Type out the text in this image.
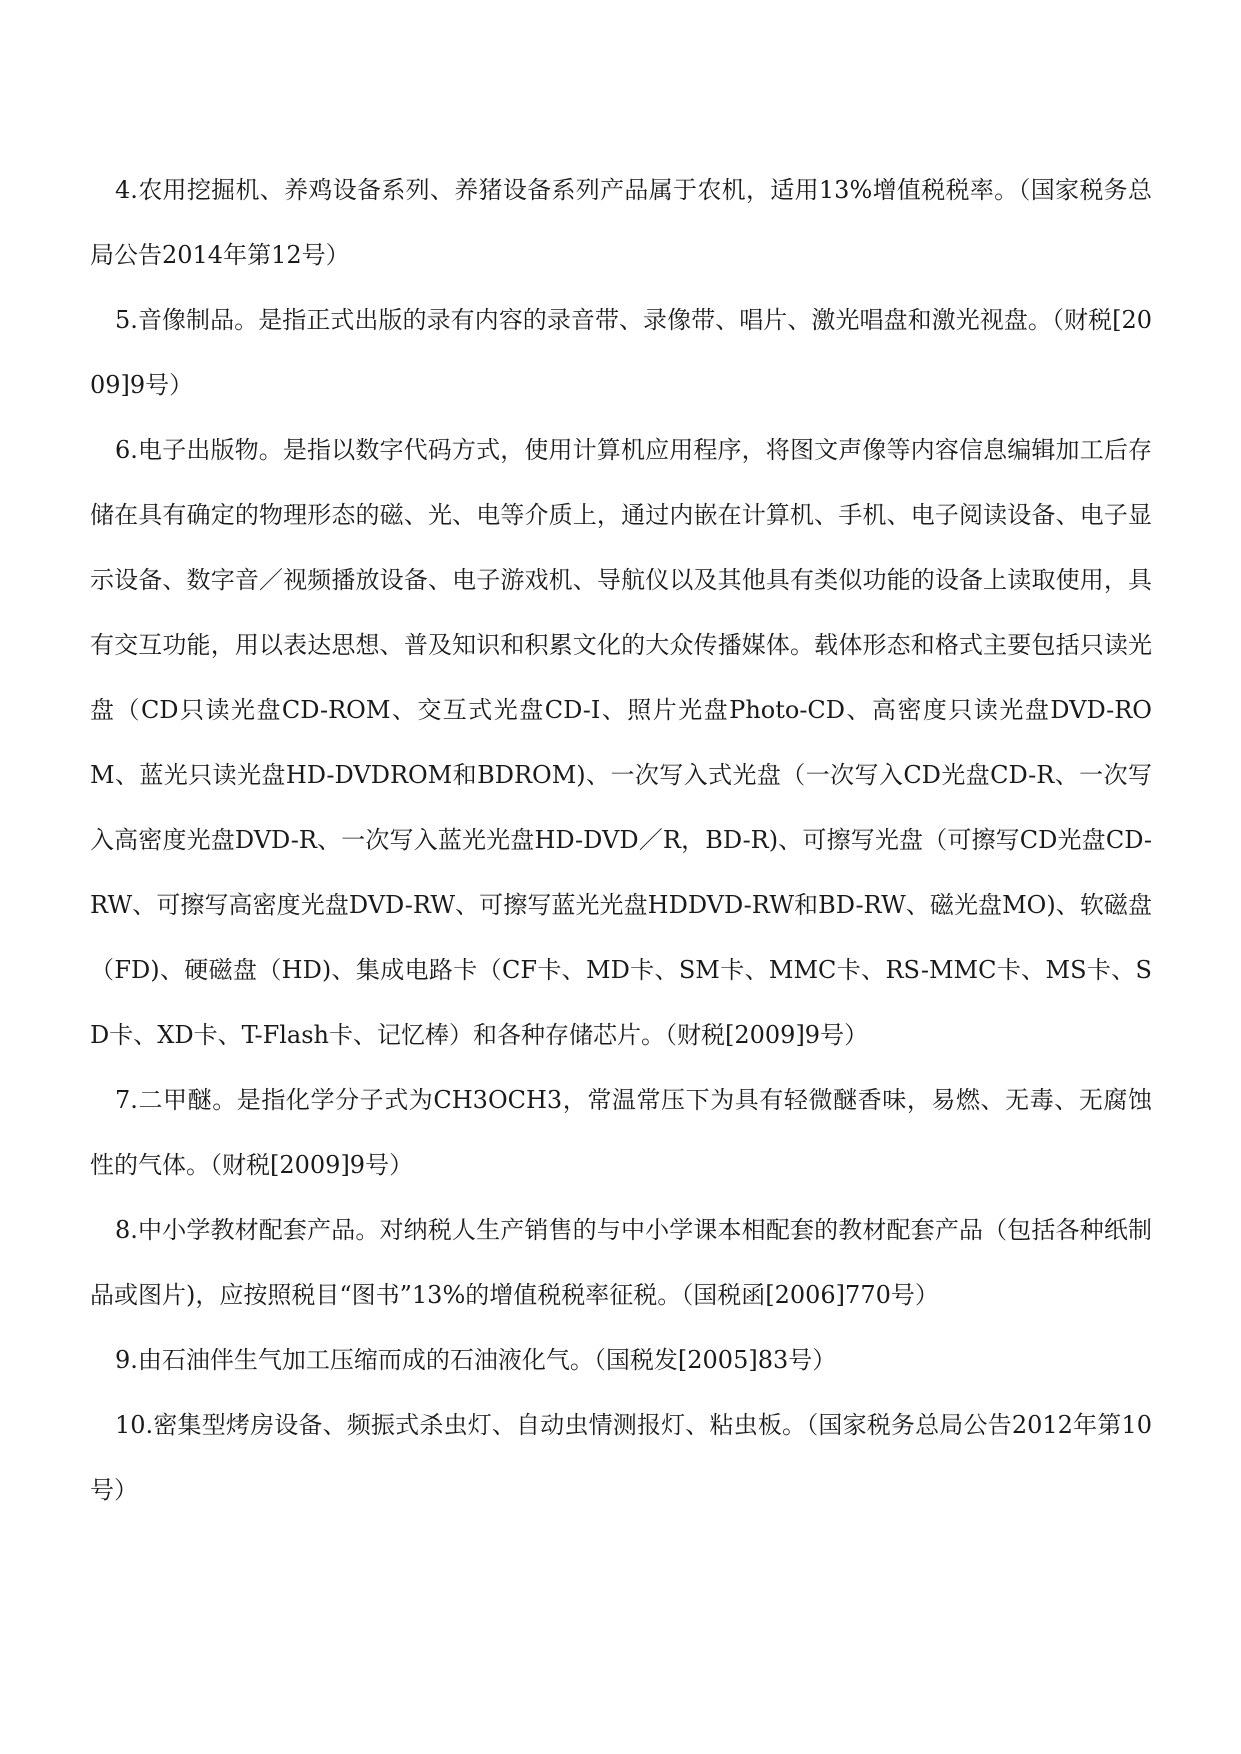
4.农用挖掘机、养鸡设备系列、养猪设备系列产品属于农机，适用13%增值税税率。（国家税务总局公告2014年第12号）

5.音像制品。是指正式出版的录有内容的录音带、录像带、唱片、激光唱盘和激光视盘。（财税[2009]9号）

6.电子出版物。是指以数字代码方式，使用计算机应用程序，将图文声像等内容信息编辑加工后存储在具有确定的物理形态的磁、光、电等介质上，通过内嵌在计算机、手机、电子阅读设备、电子显示设备、数字音／视频播放设备、电子游戏机、导航仪以及其他具有类似功能的设备上读取使用，具有交互功能，用以表达思想、普及知识和积累文化的大众传播媒体。载体形态和格式主要包括只读光盘（CD只读光盘CD-ROM、交互式光盘CD-I、照片光盘Photo-CD、高密度只读光盘DVD-ROM、蓝光只读光盘HD-DVDROM和BDROM)、一次写入式光盘（一次写入CD光盘CD-R、一次写入高密度光盘DVD-R、一次写入蓝光光盘HD-DVD／R，BD-R)、可擦写光盘（可擦写CD光盘CD-RW、可擦写高密度光盘DVD-RW、可擦写蓝光光盘HDDVD-RW和BD-RW、磁光盘MO)、软磁盘（FD)、硬磁盘（HD)、集成电路卡（CF卡、MD卡、SM卡、MMC卡、RS-MMC卡、MS卡、SD卡、XD卡、T-Flash卡、记忆棒）和各种存储芯片。（财税[2009]9号）

7.二甲醚。是指化学分子式为CH3OCH3，常温常压下为具有轻微醚香味，易燃、无毒、无腐蚀性的气体。（财税[2009]9号）

8.中小学教材配套产品。对纳税人生产销售的与中小学课本相配套的教材配套产品（包括各种纸制品或图片)，应按照税目“图书”13%的增值税税率征税。（国税函[2006]770号）

9.由石油伴生气加工压缩而成的石油液化气。（国税发[2005]83号）

10.密集型烤房设备、频振式杀虫灯、自动虫情测报灯、粘虫板。（国家税务总局公告2012年第10号）
